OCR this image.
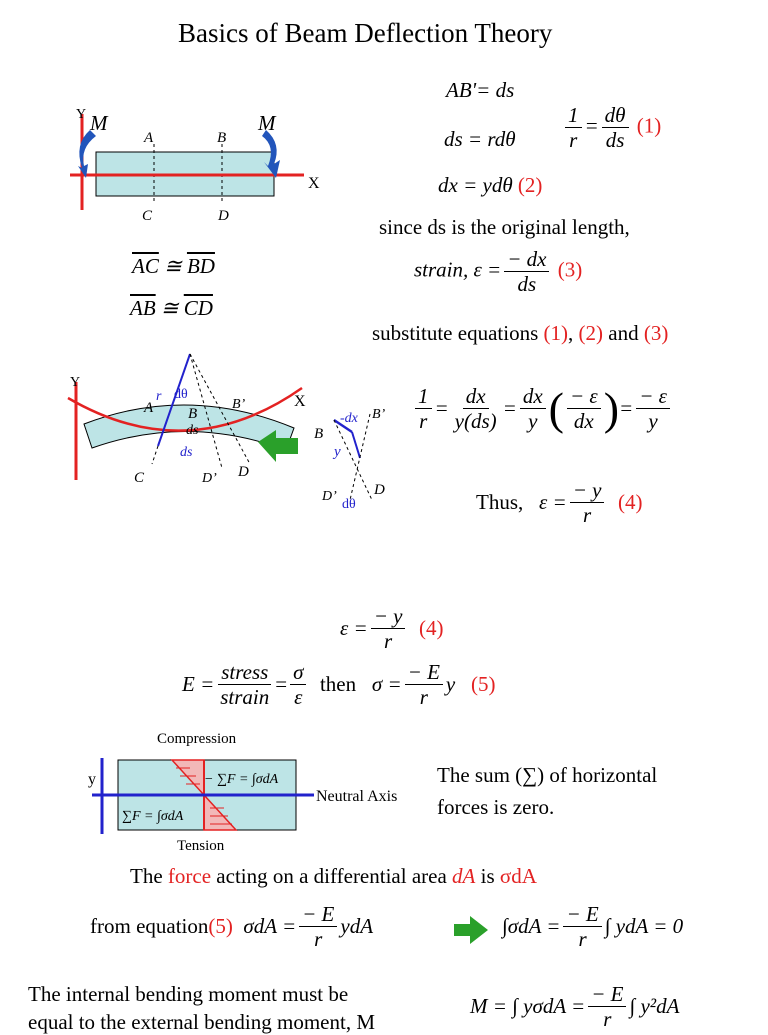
Basics of Beam Deflection Theory
Y M	M
X
A	B
C	D
AB'= ds
ds = rdθ $\frac{1}{r} = \frac{d\theta}{ds} (1)$
dx = ydθ (2)
since ds is the original length,
strain, $\varepsilon = \frac{- dx}{ds} (3)$
$\overline{AC}$ ≅ $\overline{BD}$
$\overline{AB}$ ≅ $\overline{CD}$
substitute equations (1), (2) and (3)
Y
X
A B
B’
C	D
D’
r dθ
ds
ds
-dx B’
B
y
D’ D
dθ
$\frac{1}{r} = \frac{dx}{y(ds)} = \frac{dx}{y}$ ( $\frac{- \varepsilon}{dx}$ ) = $\frac{- \varepsilon}{y}$
Thus,
$\varepsilon = \frac{- y}{r}$
(4)
$\varepsilon = \frac{- y}{r}$
(4)
$E = \frac{\text{stress}}{\text{strain}} = \frac{\sigma}{\varepsilon}$
then
$\sigma = \frac{- E}{r}$ y
(5)
Compression
y	− ∑F = ∫σdA
∑F = ∫σdA
Neutral Axis
Tension
The sum (∑) of horizontal
forces is zero.
The force acting on a differential area dA is σdA
from equation (5)
$\sigma dA = \frac{- E}{r}$ ydA	$\int\sigma dA = \frac{- E}{r}$ ∫ ydA = 0
The internal bending moment must be
equal to the external bending moment, M
M = ∫ $y\sigma dA = \frac{- E}{r}$ ∫ y²dA
